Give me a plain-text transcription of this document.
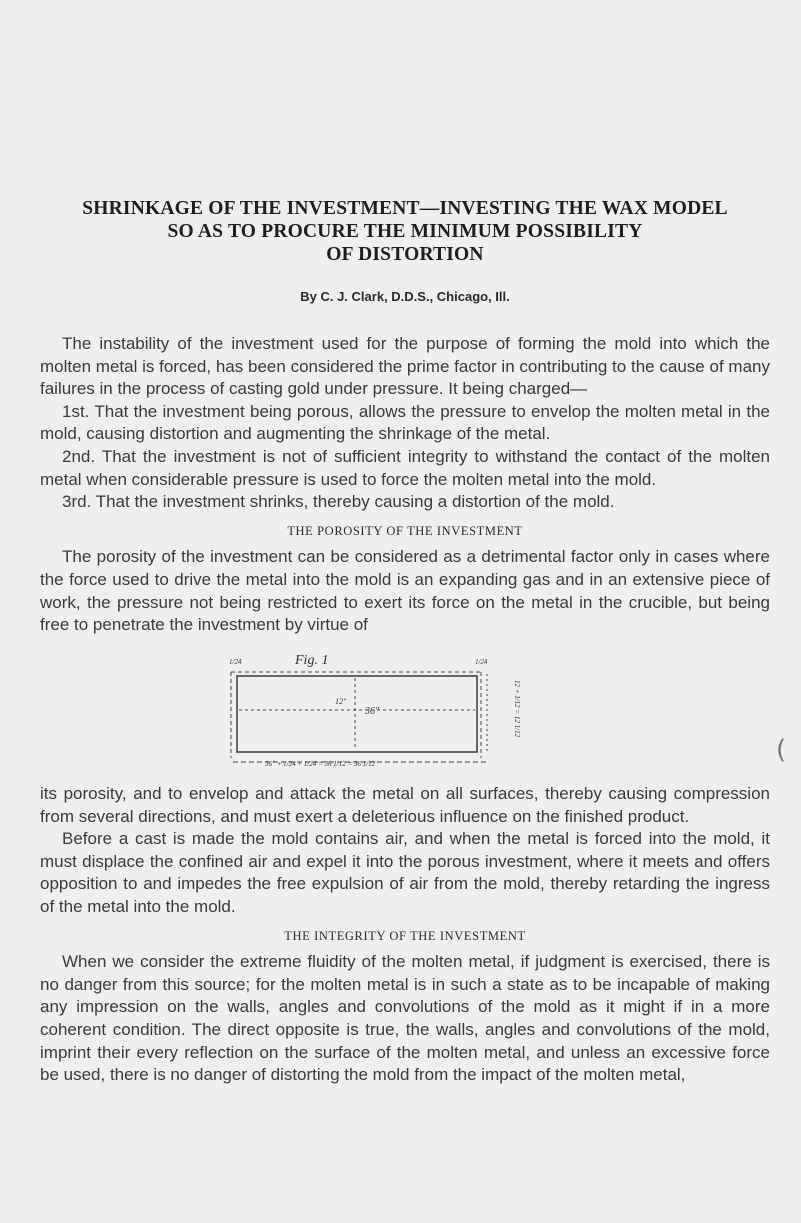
SHRINKAGE OF THE INVESTMENT—INVESTING THE WAX MODEL
SO AS TO PROCURE THE MINIMUM POSSIBILITY
OF DISTORTION
By C. J. Clark, D.D.S., Chicago, Ill.

The instability of the investment used for the purpose of forming the mold into which the molten metal is forced, has been considered the prime factor in contributing to the cause of many failures in the process of casting gold under pressure. It being charged—

1st. That the investment being porous, allows the pressure to envelop the molten metal in the mold, causing distortion and augmenting the shrinkage of the metal.

2nd. That the investment is not of sufficient integrity to withstand the contact of the molten metal when considerable pressure is used to force the molten metal into the mold.

3rd. That the investment shrinks, thereby causing a distortion of the mold.

THE POROSITY OF THE INVESTMENT

The porosity of the investment can be considered as a detrimental factor only in cases where the force used to drive the metal into the mold is an expanding gas and in an extensive piece of work, the pressure not being restricted to exert its force on the metal in the crucible, but being free to penetrate the investment by virtue of

Fig. 1
36"
12"
36" + 1/24 + 1/24 = 36 1/12 = 36 1/12
1/24	1/24
12 + 1/12 = 12 1/12

its porosity, and to envelop and attack the metal on all surfaces, thereby causing compression from several directions, and must exert a deleterious influence on the finished product.

Before a cast is made the mold contains air, and when the metal is forced into the mold, it must displace the confined air and expel it into the porous investment, where it meets and offers opposition to and impedes the free expulsion of air from the mold, thereby retarding the ingress of the metal into the mold.

THE INTEGRITY OF THE INVESTMENT

When we consider the extreme fluidity of the molten metal, if judgment is exercised, there is no danger from this source; for the molten metal is in such a state as to be incapable of making any impression on the walls, angles and convolutions of the mold as it might if in a more coherent condition. The direct opposite is true, the walls, angles and convolutions of the mold, imprint their every reflection on the surface of the molten metal, and unless an excessive force be used, there is no danger of distorting the mold from the impact of the molten metal,

(
